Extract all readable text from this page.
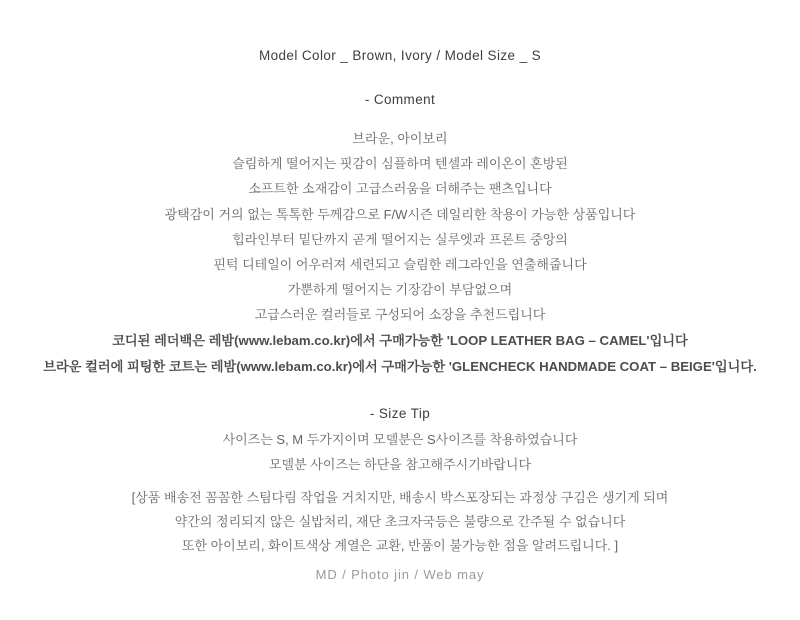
Model Color _ Brown, Ivory / Model Size _ S

- Comment

브라운, 아이보리

슬림하게 떨어지는 핏감이 심플하며 텐셀과 레이온이 혼방된

소프트한 소재감이 고급스러움을 더해주는 팬츠입니다

광택감이 거의 없는 톡톡한 두께감으로 F/W시즌 데일리한 착용이 가능한 상품입니다

힙라인부터 밑단까지 곧게 떨어지는 실루엣과 프론트 중앙의

핀턱 디테일이 어우러져 세련되고 슬림한 레그라인을 연출해줍니다

가뿐하게 떨어지는 기장감이 부담없으며

고급스러운 컬러들로 구성되어 소장을 추천드립니다

코디된 레더백은 레밤(www.lebam.co.kr)에서 구매가능한 'LOOP LEATHER BAG – CAMEL'입니다

브라운 컬러에 피팅한 코트는 레밤(www.lebam.co.kr)에서 구매가능한 'GLENCHECK HANDMADE COAT – BEIGE'입니다.

- Size Tip

사이즈는 S, M 두가지이며 모델분은 S사이즈를 착용하였습니다

모델분 사이즈는 하단을 참고해주시기바랍니다

[상품 배송전 꼼꼼한 스팀다림 작업을 거치지만, 배송시 박스포장되는 과정상 구김은 생기게 되며

약간의 정리되지 않은 실밥처리, 재단 초크자국등은 불량으로 간주될 수 없습니다

또한 아이보리, 화이트색상 계열은 교환, 반품이 불가능한 점을 알려드립니다. ]

MD / Photo jin / Web may
